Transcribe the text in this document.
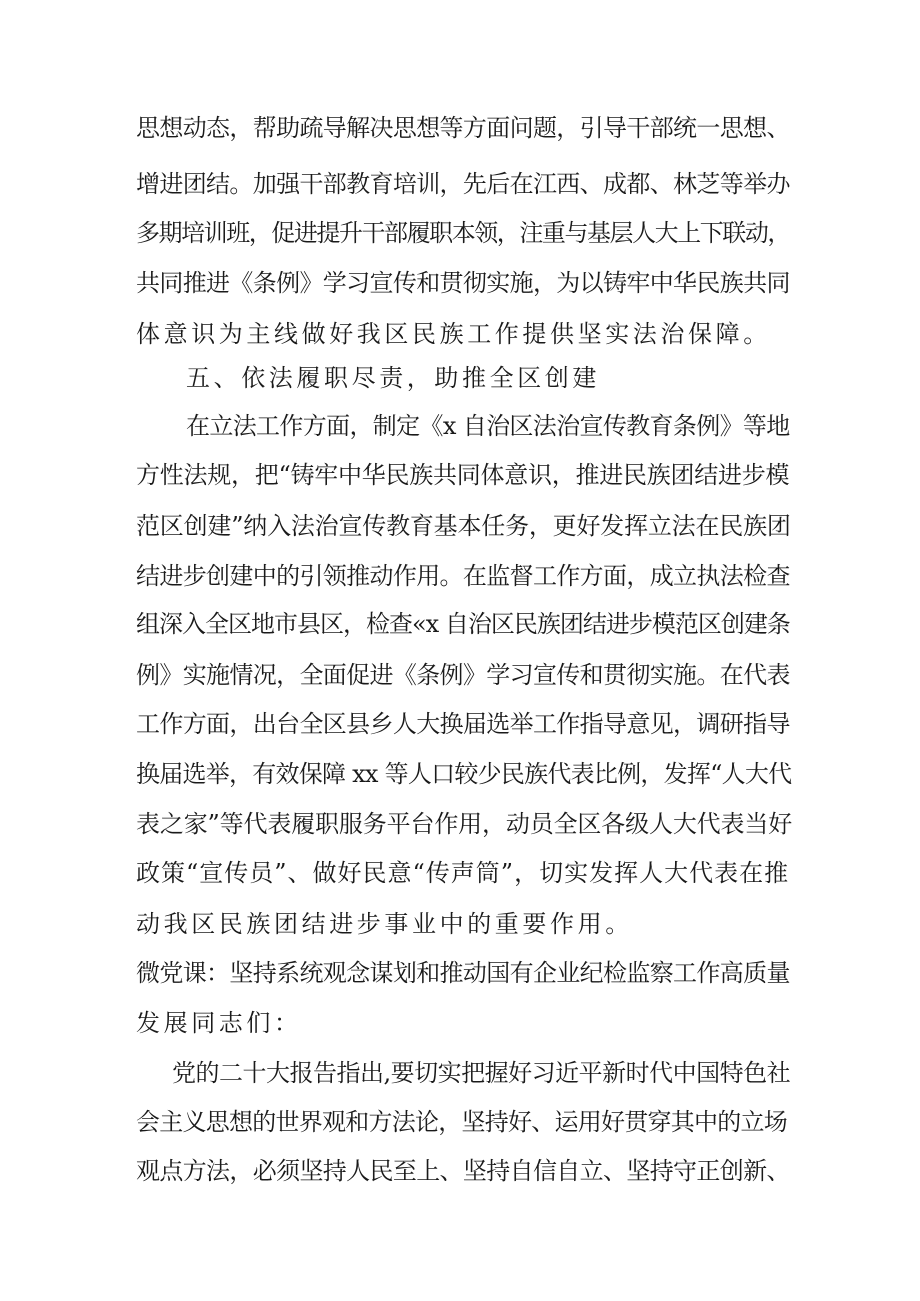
思想动态，帮助疏导解决思想等方面问题，引导干部统一思想、
增进团结。加强干部教育培训，先后在江西、成都、林芝等举办
多期培训班，促进提升干部履职本领，注重与基层人大上下联动，
共同推进《条例》学习宣传和贯彻实施，为以铸牢中华民族共同
体意识为主线做好我区民族工作提供坚实法治保障。
五、依法履职尽责，助推全区创建
在立法工作方面，制定《x 自治区法治宣传教育条例》等地
方性法规，把“铸牢中华民族共同体意识，推进民族团结进步模
范区创建”纳入法治宣传教育基本任务，更好发挥立法在民族团
结进步创建中的引领推动作用。在监督工作方面，成立执法检查
组深入全区地市县区，检查«x 自治区民族团结进步模范区创建条
例》实施情况，全面促进《条例》学习宣传和贯彻实施。在代表
工作方面，出台全区县乡人大换届选举工作指导意见，调研指导
换届选举，有效保障 xx 等人口较少民族代表比例，发挥“人大代
表之家”等代表履职服务平台作用，动员全区各级人大代表当好
政策“宣传员”、做好民意“传声筒”，切实发挥人大代表在推
动我区民族团结进步事业中的重要作用。
微党课：坚持系统观念谋划和推动国有企业纪检监察工作高质量
发展同志们：
党的二十大报告指出,要切实把握好习近平新时代中国特色社
会主义思想的世界观和方法论，坚持好、运用好贯穿其中的立场
观点方法，必须坚持人民至上、坚持自信自立、坚持守正创新、
